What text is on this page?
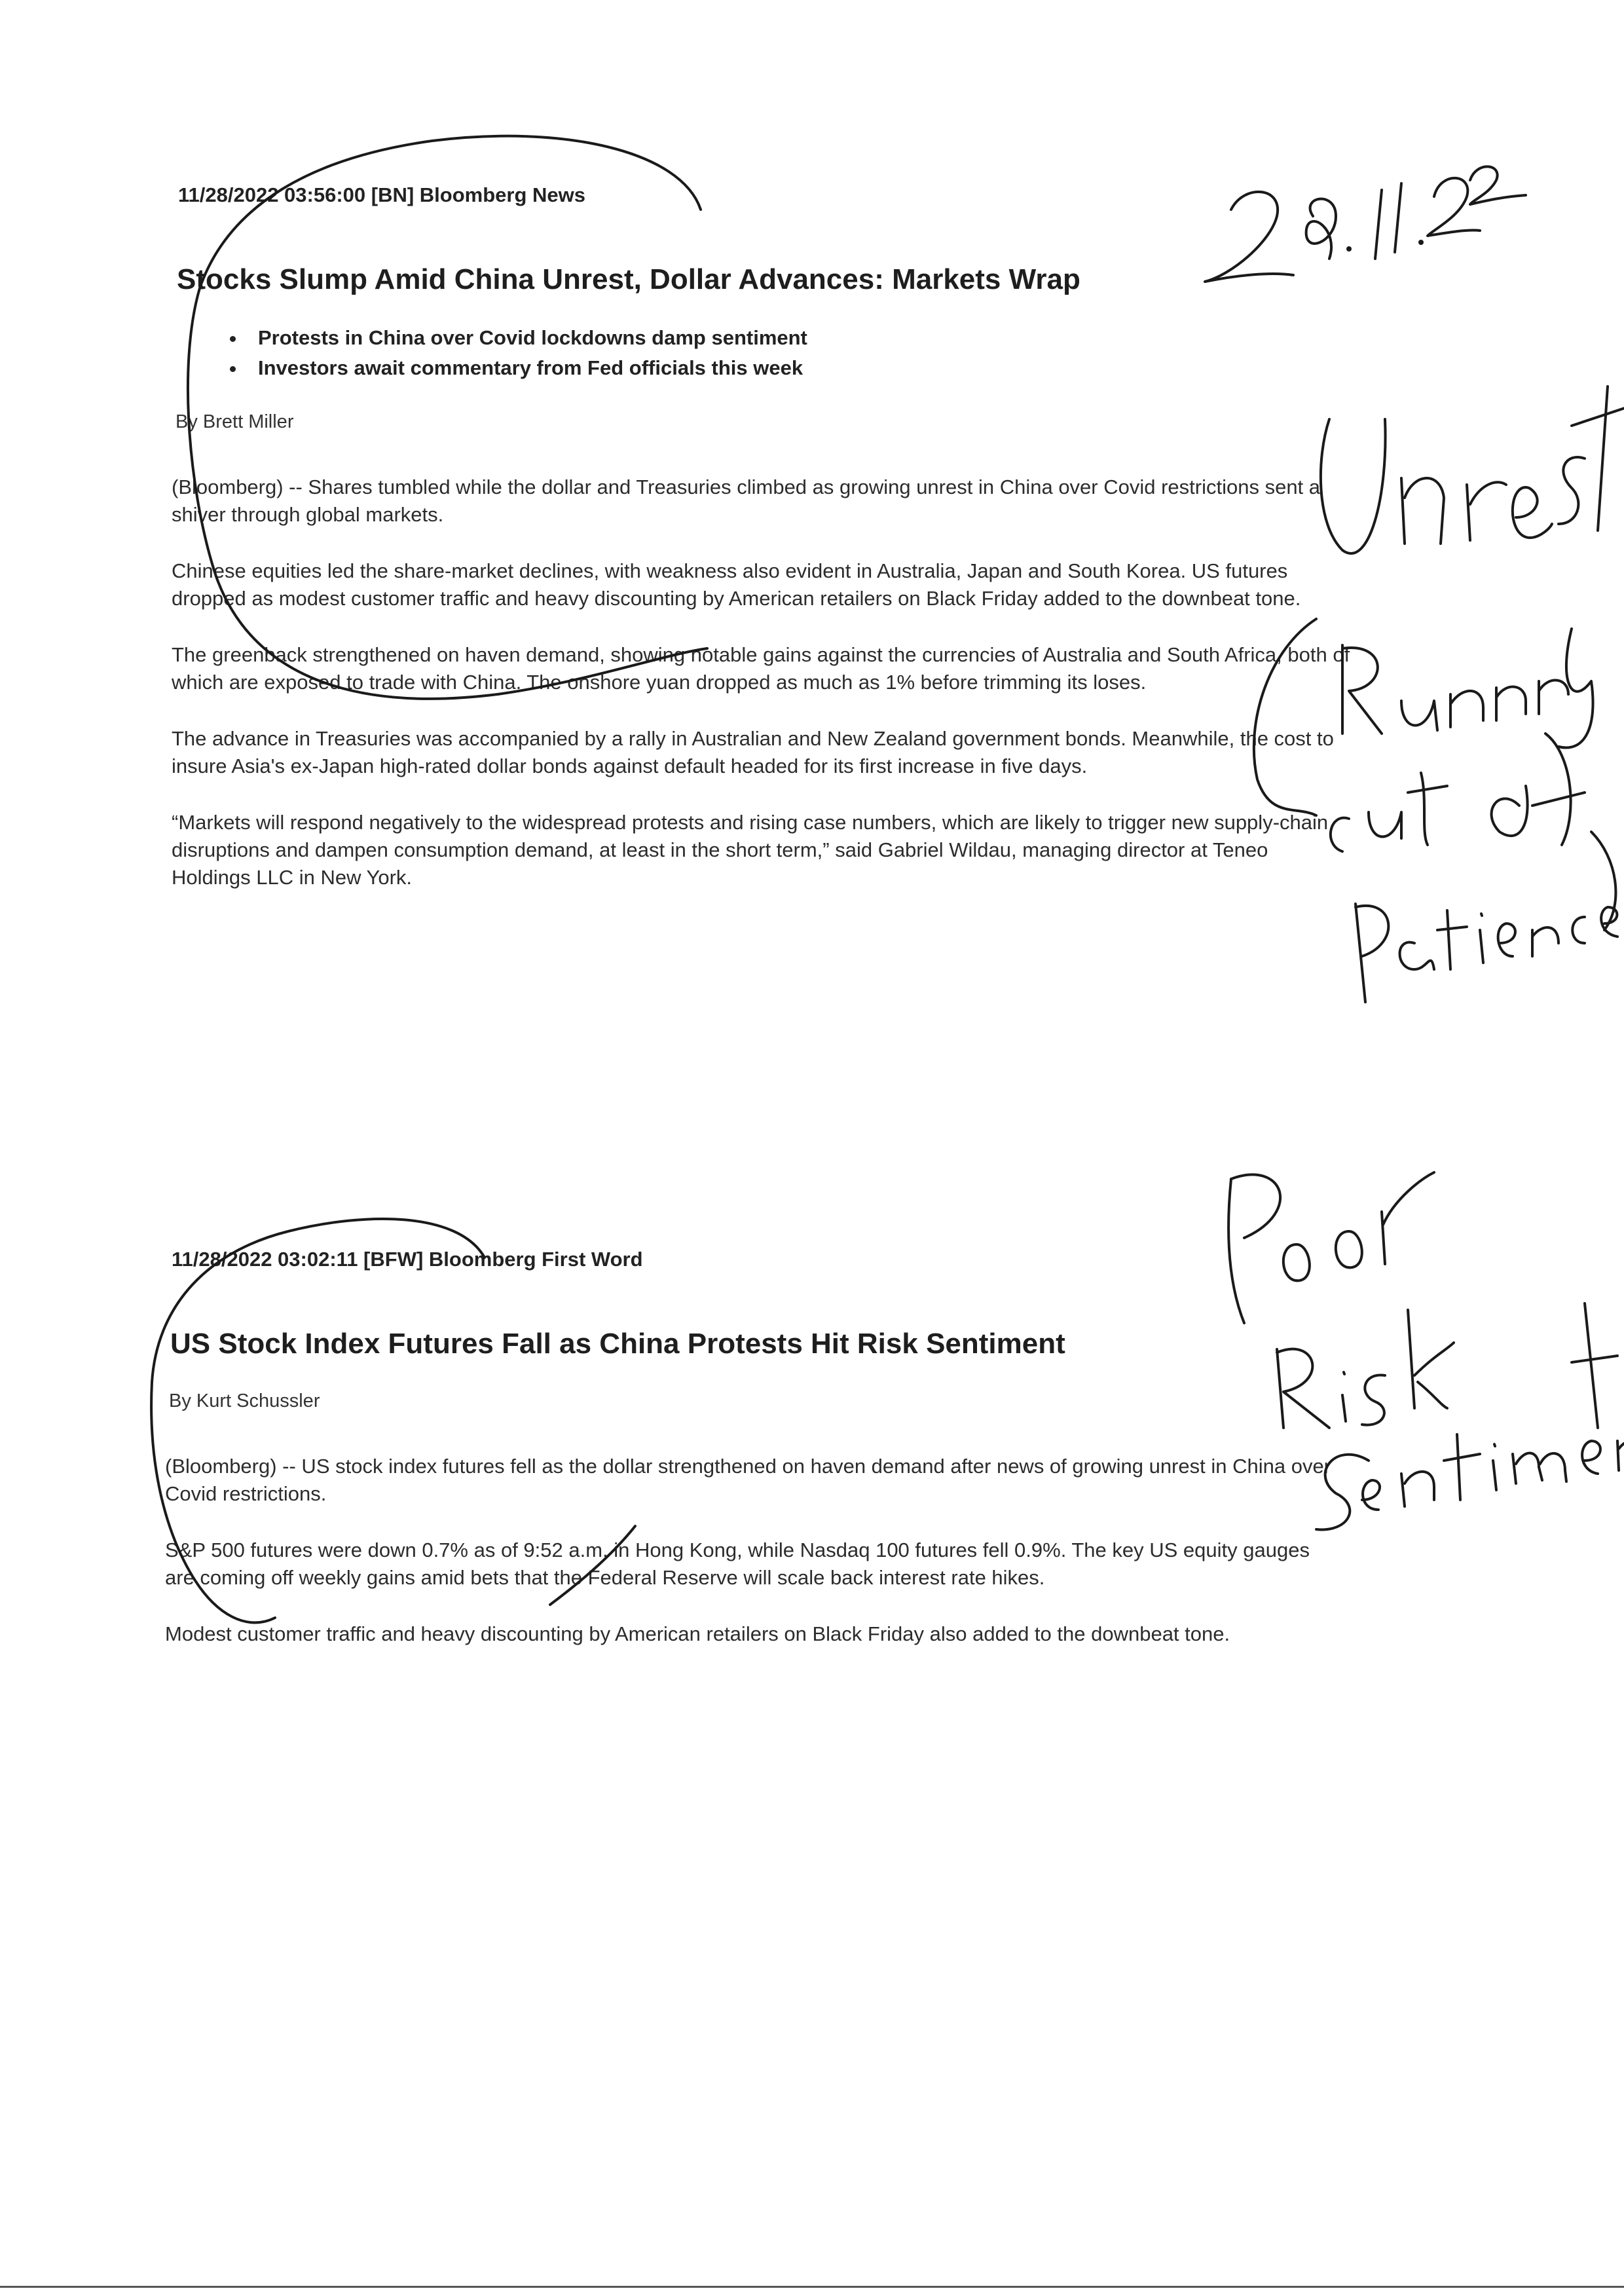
11/28/2022 03:56:00 [BN] Bloomberg News
Stocks Slump Amid China Unrest, Dollar Advances: Markets Wrap
• Protests in China over Covid lockdowns damp sentiment
• Investors await commentary from Fed officials this week
By Brett Miller

(Bloomberg) -- Shares tumbled while the dollar and Treasuries climbed as growing unrest in China over Covid restrictions sent a shiver through global markets.

Chinese equities led the share-market declines, with weakness also evident in Australia, Japan and South Korea. US futures dropped as modest customer traffic and heavy discounting by American retailers on Black Friday added to the downbeat tone.

The greenback strengthened on haven demand, showing notable gains against the currencies of Australia and South Africa, both of which are exposed to trade with China. The onshore yuan dropped as much as 1% before trimming its loses.

The advance in Treasuries was accompanied by a rally in Australian and New Zealand government bonds. Meanwhile, the cost to insure Asia's ex-Japan high-rated dollar bonds against default headed for its first increase in five days.

“Markets will respond negatively to the widespread protests and rising case numbers, which are likely to trigger new supply-chain disruptions and dampen consumption demand, at least in the short term,” said Gabriel Wildau, managing director at Teneo Holdings LLC in New York.

11/28/2022 03:02:11 [BFW] Bloomberg First Word
US Stock Index Futures Fall as China Protests Hit Risk Sentiment
By Kurt Schussler

(Bloomberg) -- US stock index futures fell as the dollar strengthened on haven demand after news of growing unrest in China over Covid restrictions.

S&P 500 futures were down 0.7% as of 9:52 a.m. in Hong Kong, while Nasdaq 100 futures fell 0.9%. The key US equity gauges are coming off weekly gains amid bets that the Federal Reserve will scale back interest rate hikes.

Modest customer traffic and heavy discounting by American retailers on Black Friday also added to the downbeat tone.
